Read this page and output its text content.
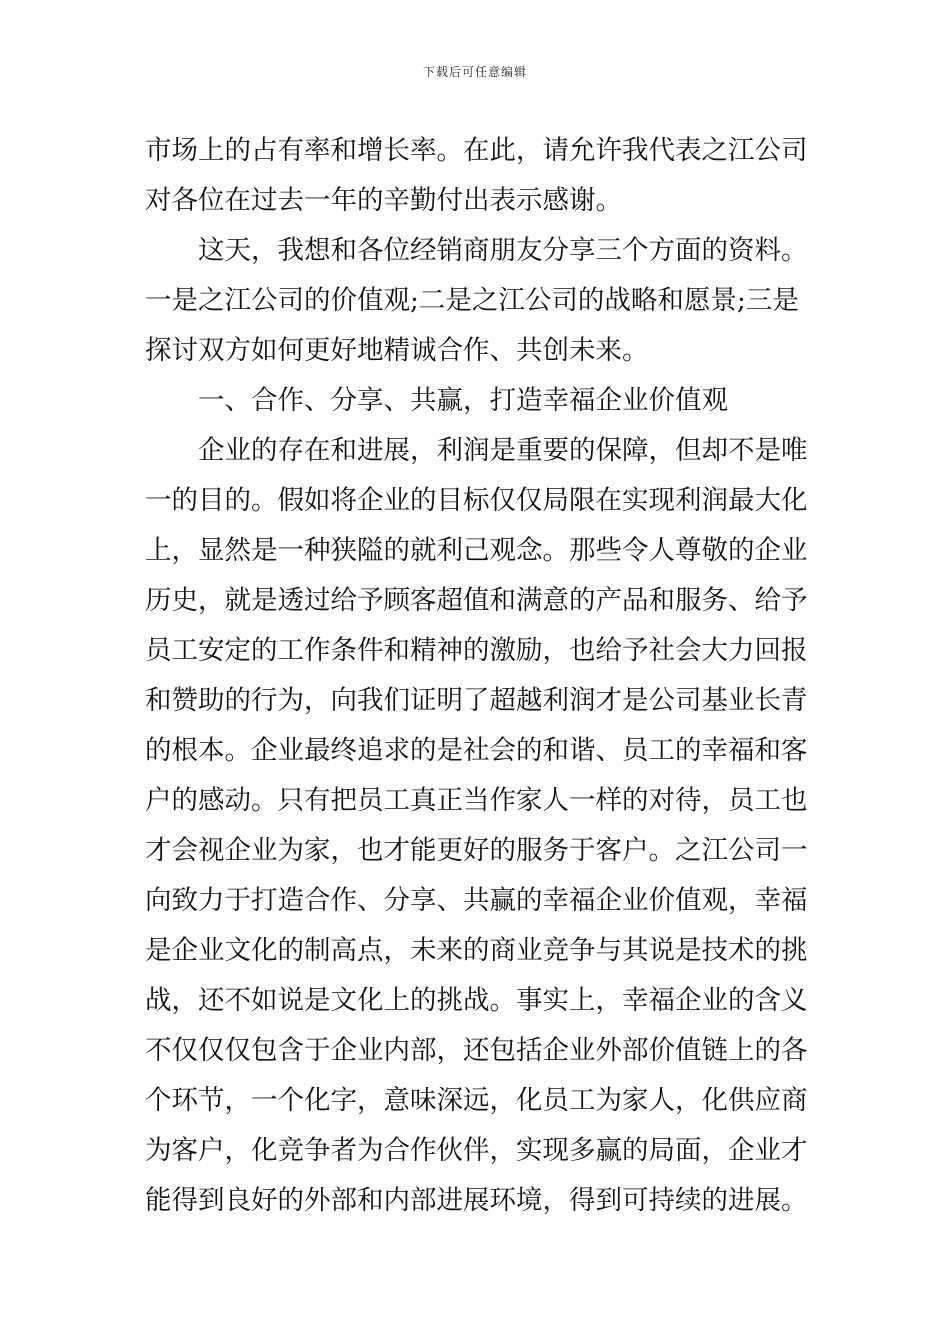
下载后可任意编辑
市场上的占有率和增长率。在此，请允许我代表之江公司
对各位在过去一年的辛勤付出表示感谢。
这天，我想和各位经销商朋友分享三个方面的资料。
一是之江公司的价值观;二是之江公司的战略和愿景;三是
探讨双方如何更好地精诚合作、共创未来。
一、合作、分享、共赢，打造幸福企业价值观
企业的存在和进展，利润是重要的保障，但却不是唯
一的目的。假如将企业的目标仅仅局限在实现利润最大化
上，显然是一种狭隘的就利己观念。那些令人尊敬的企业
历史，就是透过给予顾客超值和满意的产品和服务、给予
员工安定的工作条件和精神的激励，也给予社会大力回报
和赞助的行为，向我们证明了超越利润才是公司基业长青
的根本。企业最终追求的是社会的和谐、员工的幸福和客
户的感动。只有把员工真正当作家人一样的对待，员工也
才会视企业为家，也才能更好的服务于客户。之江公司一
向致力于打造合作、分享、共赢的幸福企业价值观，幸福
是企业文化的制高点，未来的商业竞争与其说是技术的挑
战，还不如说是文化上的挑战。事实上，幸福企业的含义
不仅仅仅包含于企业内部，还包括企业外部价值链上的各
个环节，一个化字，意味深远，化员工为家人，化供应商
为客户，化竞争者为合作伙伴，实现多赢的局面，企业才
能得到良好的外部和内部进展环境，得到可持续的进展。
